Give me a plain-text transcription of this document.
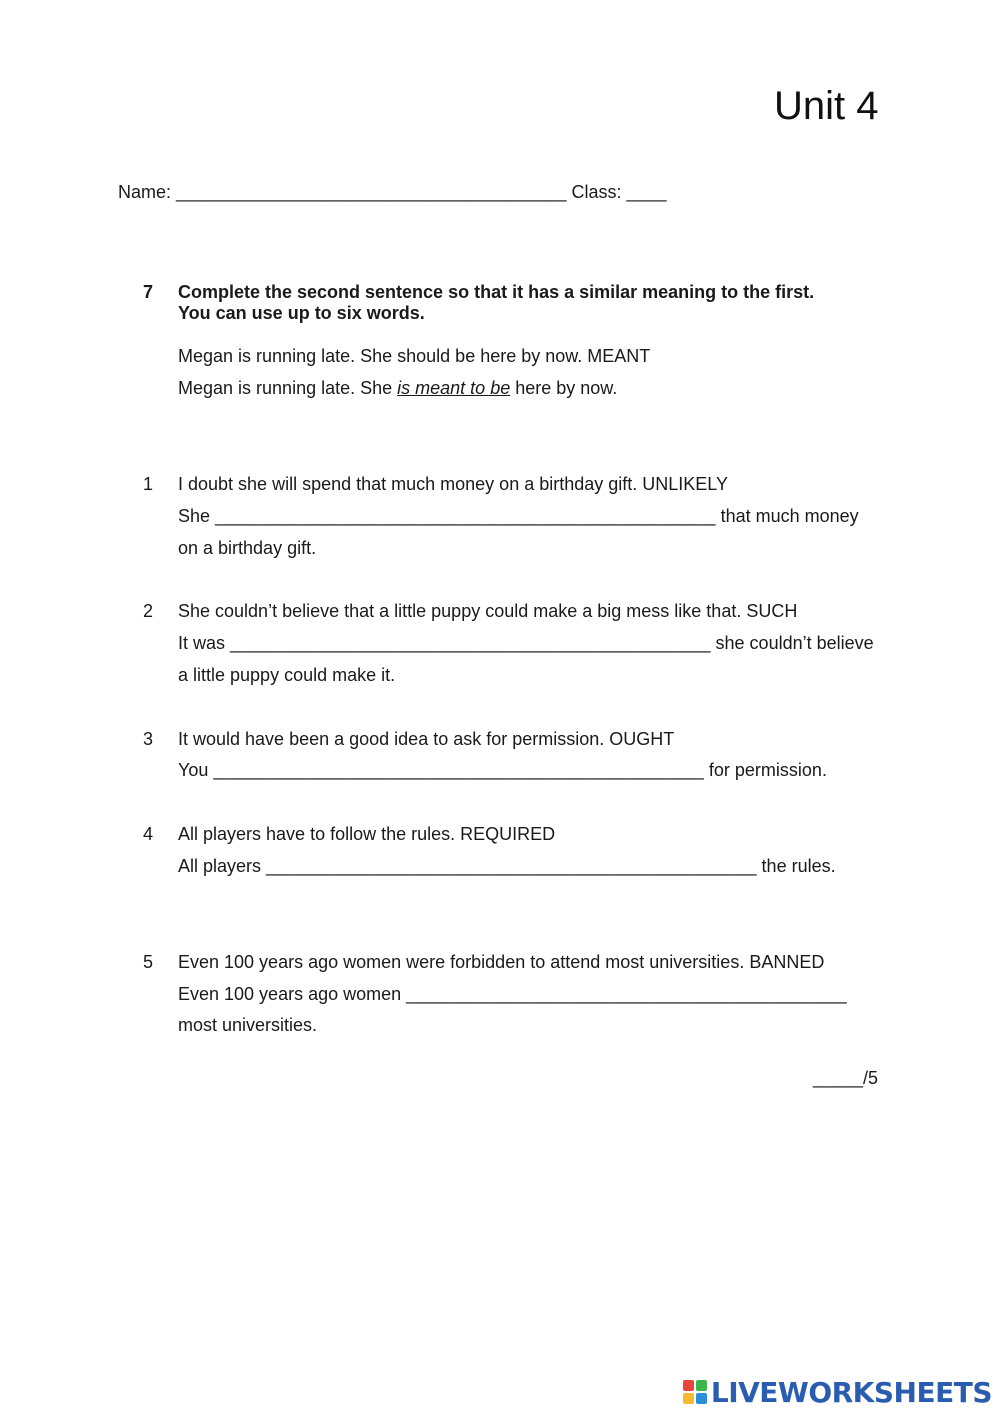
Unit 4
Name: _______________________________________ Class: ____
7 Complete the second sentence so that it has a similar meaning to the first.
You can use up to six words.
Megan is running late. She should be here by now. MEANT
Megan is running late. She is meant to be here by now.
1 I doubt she will spend that much money on a birthday gift. UNLIKELY
She __________________________________________________ that much money
on a birthday gift.
2 She couldn’t believe that a little puppy could make a big mess like that. SUCH
It was ________________________________________________ she couldn’t believe
a little puppy could make it.
3 It would have been a good idea to ask for permission. OUGHT
You _________________________________________________ for permission.
4 All players have to follow the rules. REQUIRED
All players _________________________________________________ the rules.
5 Even 100 years ago women were forbidden to attend most universities. BANNED
Even 100 years ago women ____________________________________________
most universities.
_____/5
LIVEWORKSHEETS
